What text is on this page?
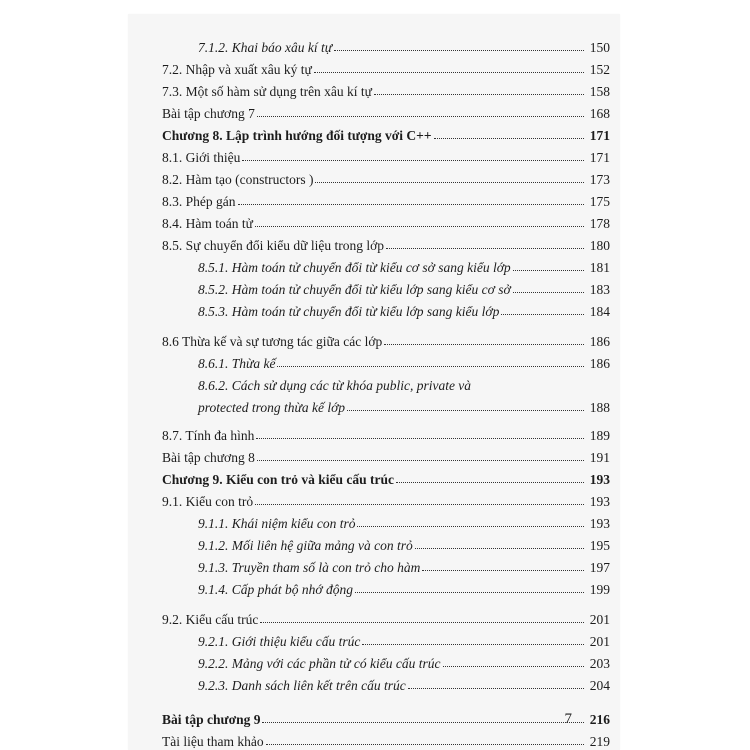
7.1.2. Khai báo xâu kí tự	150
7.2. Nhập và xuất xâu ký tự	152
7.3. Một số hàm sử dụng trên xâu kí tự	158
Bài tập chương 7	168
Chương 8. Lập trình hướng đối tượng với C++	171
8.1. Giới thiệu	171
8.2. Hàm tạo (constructors )	173
8.3. Phép gán	175
8.4. Hàm toán tử	178
8.5. Sự chuyển đổi kiểu dữ liệu trong lớp	180
8.5.1. Hàm toán tử chuyển đổi từ kiểu cơ sở sang kiểu lớp	181
8.5.2. Hàm toán tử chuyển đổi từ kiểu lớp sang kiểu cơ sở	183
8.5.3. Hàm toán tử chuyển đổi từ kiểu lớp sang kiểu lớp	184
8.6 Thừa kế và sự tương tác giữa các lớp	186
8.6.1. Thừa kế	186
8.6.2. Cách sử dụng các từ khóa public, private và
protected trong thừa kế lớp	188
8.7. Tính đa hình	189
Bài tập chương 8	191
Chương 9. Kiểu con trỏ và kiểu cấu trúc	193
9.1. Kiểu con trỏ	193
9.1.1. Khái niệm kiểu con trỏ	193
9.1.2. Mối liên hệ giữa mảng và con trỏ	195
9.1.3. Truyền tham số là con trỏ cho hàm	197
9.1.4. Cấp phát bộ nhớ động	199
9.2. Kiểu cấu trúc	201
9.2.1. Giới thiệu kiểu cấu trúc	201
9.2.2. Mảng với các phần tử có kiểu cấu trúc	203
9.2.3. Danh sách liên kết trên cấu trúc	204
Bài tập chương 9	216
Tài liệu tham khảo	219
7
